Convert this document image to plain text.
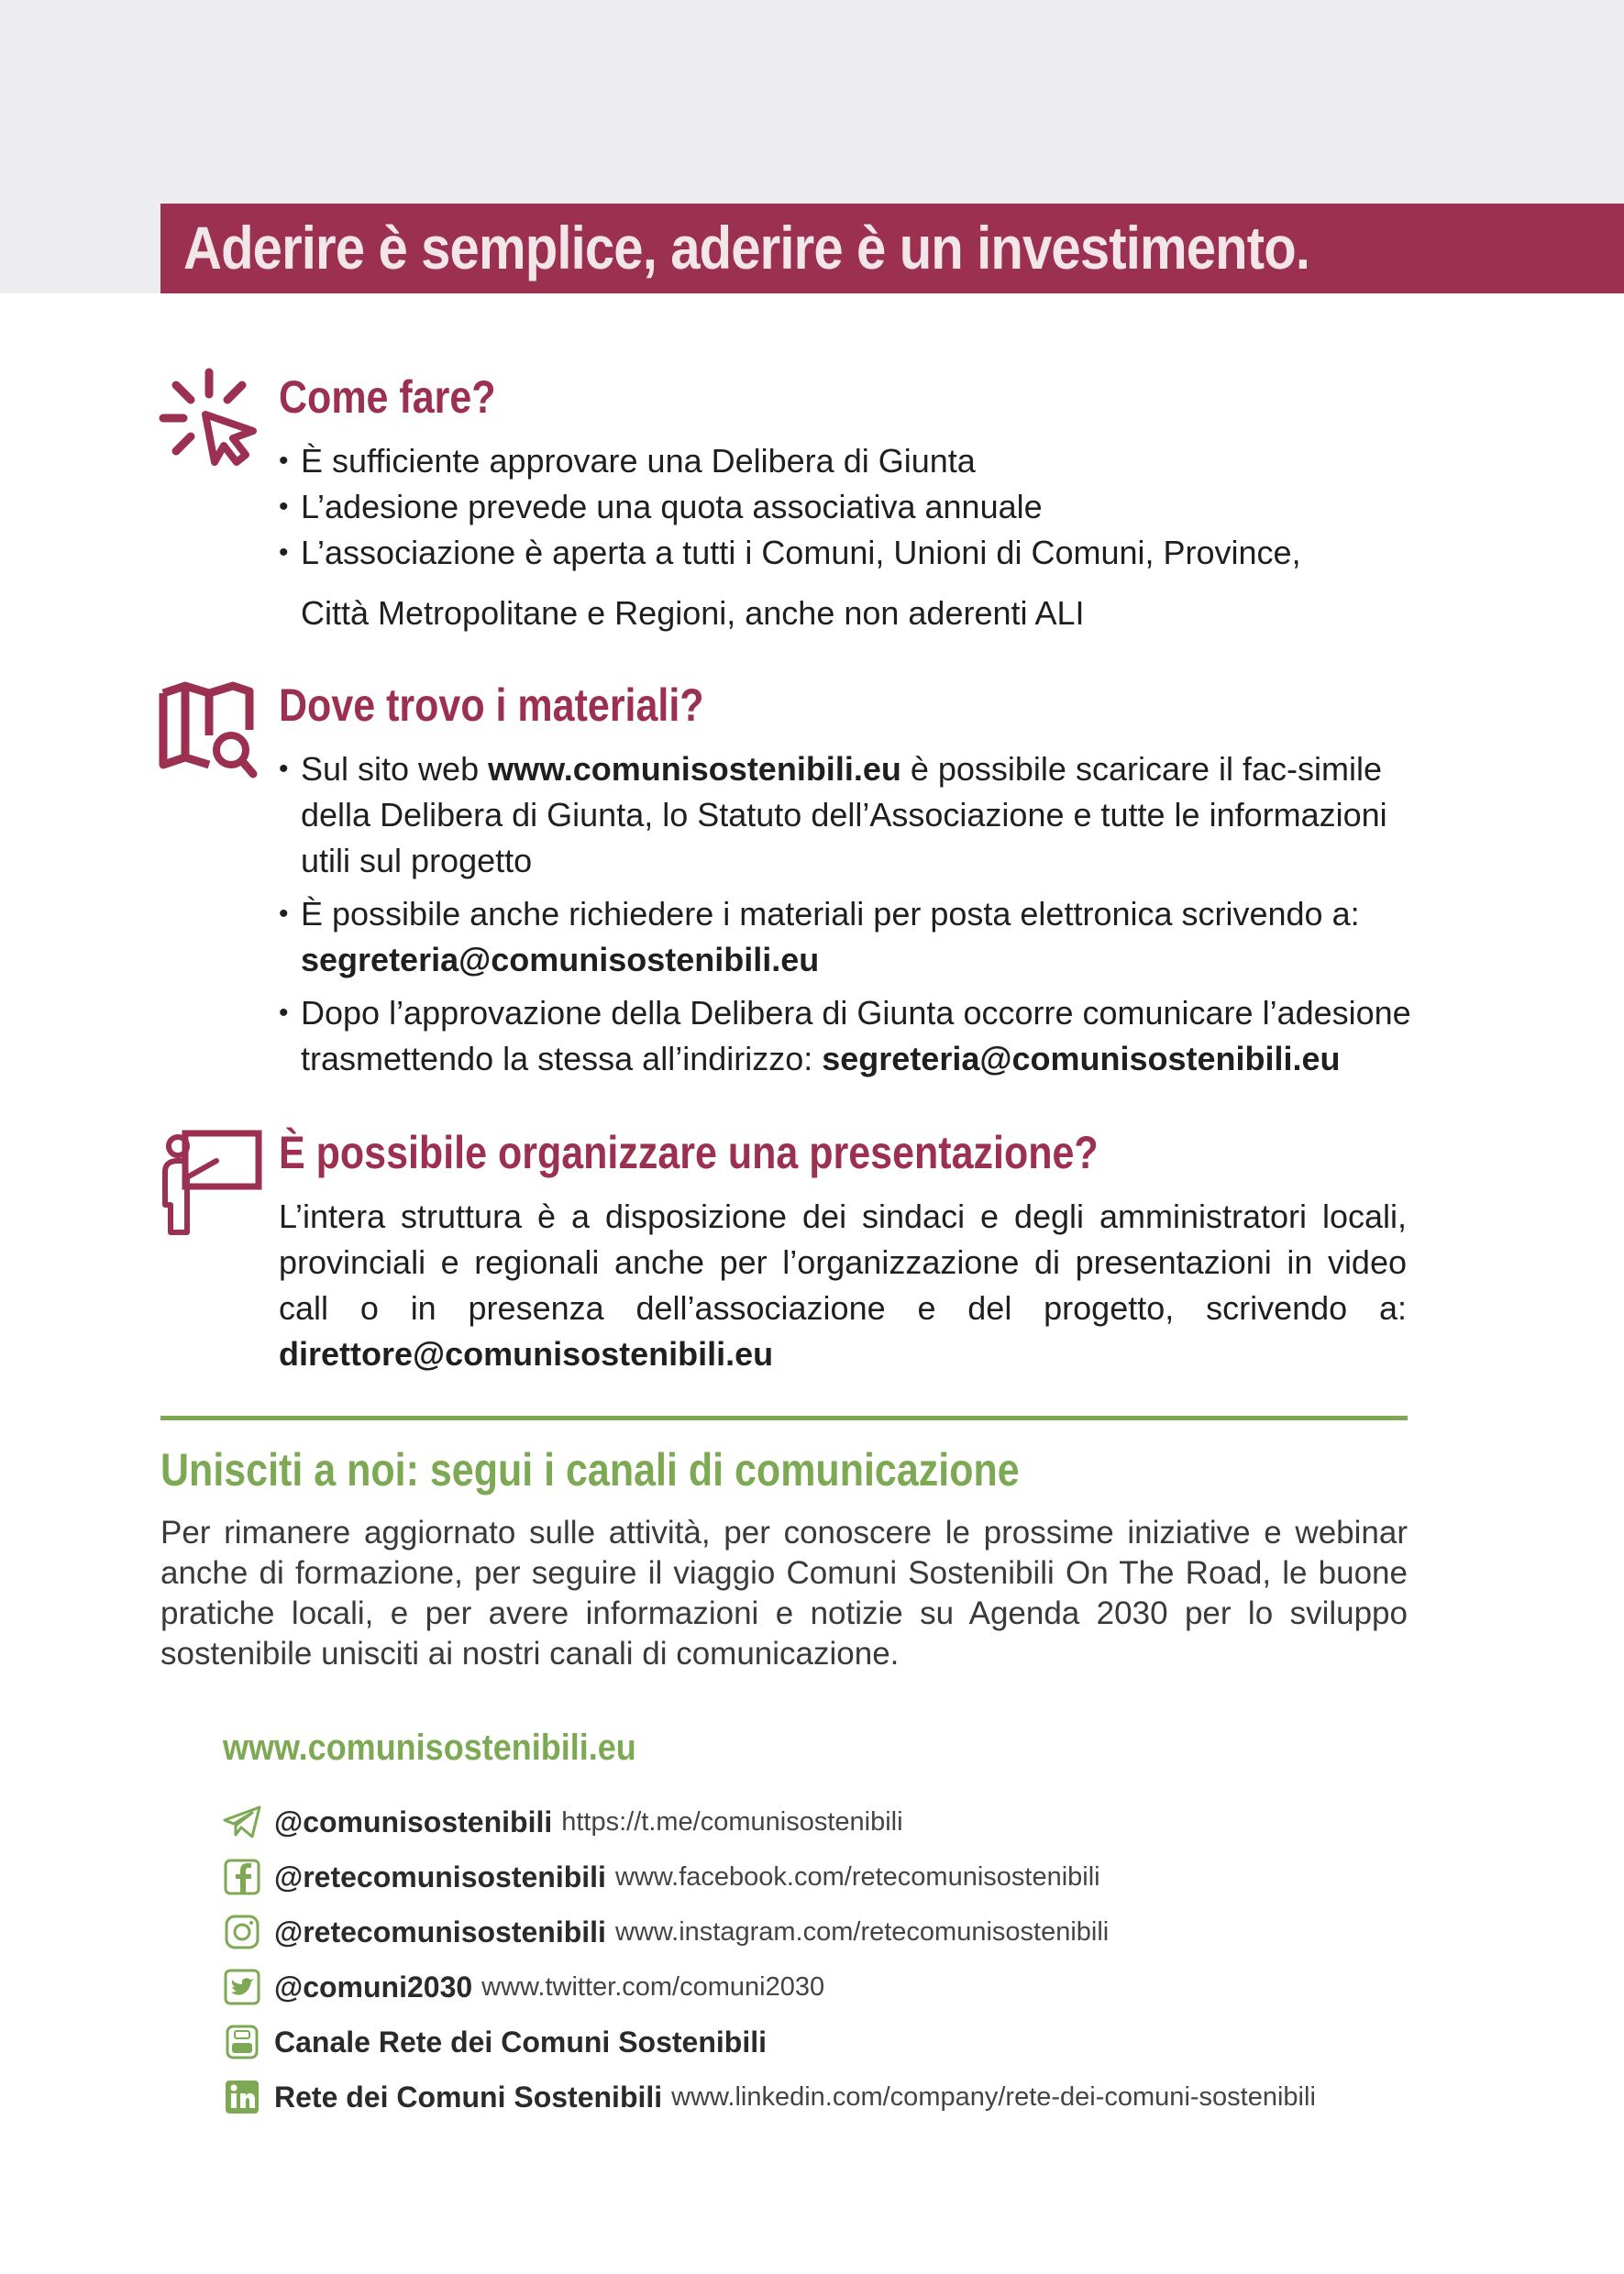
Aderire è semplice, aderire è un investimento.
Come fare?
• È sufficiente approvare una Delibera di Giunta
• L’adesione prevede una quota associativa annuale
• L’associazione è aperta a tutti i Comuni, Unioni di Comuni, Province,
Città Metropolitane e Regioni, anche non aderenti ALI
Dove trovo i materiali?
• Sul sito web www.comunisostenibili.eu è possibile scaricare il fac-simile della Delibera di Giunta, lo Statuto dell’Associazione e tutte le informazioni utili sul progetto
• È possibile anche richiedere i materiali per posta elettronica scrivendo a: segreteria@comunisostenibili.eu
• Dopo l’approvazione della Delibera di Giunta occorre comunicare l’adesione trasmettendo la stessa all’indirizzo: segreteria@comunisostenibili.eu
È possibile organizzare una presentazione?
L’intera struttura è a disposizione dei sindaci e degli amministratori locali, provinciali e regionali anche per l’organizzazione di presentazioni in video call o in presenza dell’associazione e del progetto, scrivendo a: direttore@comunisostenibili.eu
Unisciti a noi: segui i canali di comunicazione
Per rimanere aggiornato sulle attività, per conoscere le prossime iniziative e webinar anche di formazione, per seguire il viaggio Comuni Sostenibili On The Road, le buone pratiche locali, e per avere informazioni e notizie su Agenda 2030 per lo sviluppo sostenibile unisciti ai nostri canali di comunicazione.
www.comunisostenibili.eu
@comunisostenibili https://t.me/comunisostenibili
@retecomunisostenibili www.facebook.com/retecomunisostenibili
@retecomunisostenibili www.instagram.com/retecomunisostenibili
@comuni2030 www.twitter.com/comuni2030
Canale Rete dei Comuni Sostenibili
Rete dei Comuni Sostenibili www.linkedin.com/company/rete-dei-comuni-sostenibili
